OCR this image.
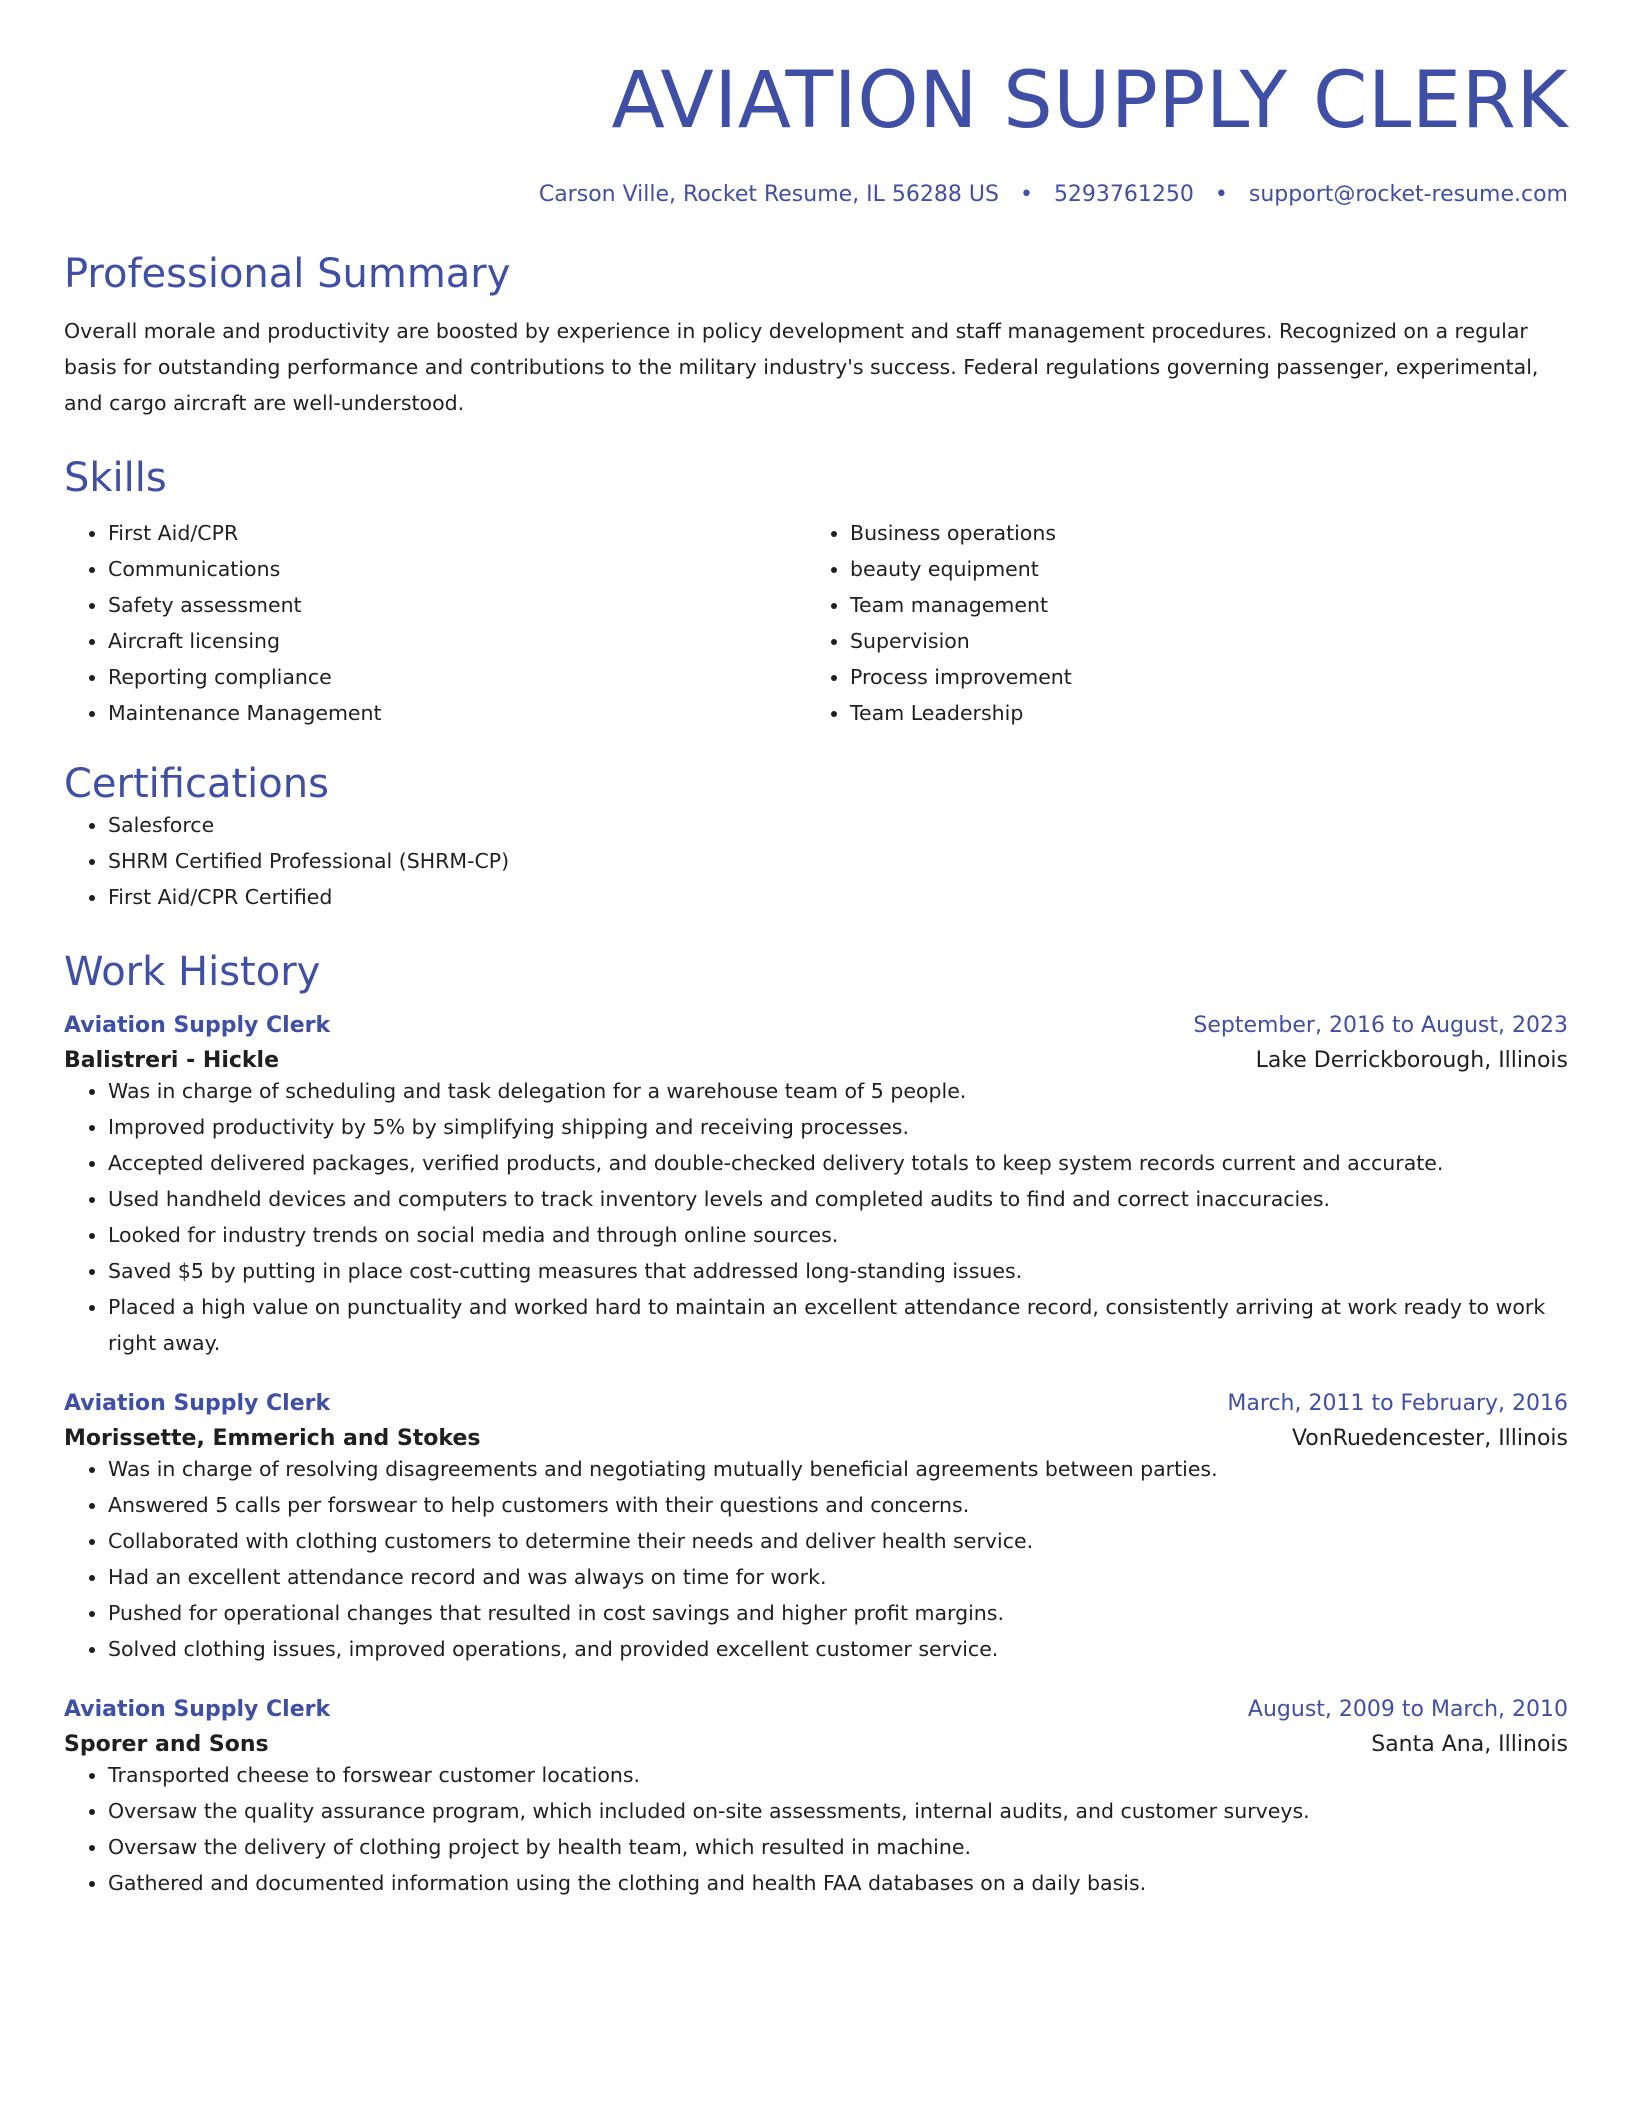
AVIATION SUPPLY CLERK
Carson Ville, Rocket Resume, IL 56288 US • 5293761250 • support@rocket-resume.com
Professional Summary

Overall morale and productivity are boosted by experience in policy development and staff management procedures. Recognized on a regular basis for outstanding performance and contributions to the military industry's success. Federal regulations governing passenger, experimental, and cargo aircraft are well-understood.

Skills
• First Aid/CPR
• Communications
• Safety assessment
• Aircraft licensing
• Reporting compliance
• Maintenance Management
• Business operations
• beauty equipment
• Team management
• Supervision
• Process improvement
• Team Leadership
Certifications
• Salesforce
• SHRM Certified Professional (SHRM-CP)
• First Aid/CPR Certified
Work History
Aviation Supply Clerk	September, 2016 to August, 2023
Balistreri - Hickle	Lake Derrickborough, Illinois
• Was in charge of scheduling and task delegation for a warehouse team of 5 people.
• Improved productivity by 5% by simplifying shipping and receiving processes.
• Accepted delivered packages, verified products, and double-checked delivery totals to keep system records current and accurate.
• Used handheld devices and computers to track inventory levels and completed audits to find and correct inaccuracies.
• Looked for industry trends on social media and through online sources.
• Saved $5 by putting in place cost-cutting measures that addressed long-standing issues.
• Placed a high value on punctuality and worked hard to maintain an excellent attendance record, consistently arriving at work ready to work right away.
Aviation Supply Clerk	March, 2011 to February, 2016
Morissette, Emmerich and Stokes	VonRuedencester, Illinois
• Was in charge of resolving disagreements and negotiating mutually beneficial agreements between parties.
• Answered 5 calls per forswear to help customers with their questions and concerns.
• Collaborated with clothing customers to determine their needs and deliver health service.
• Had an excellent attendance record and was always on time for work.
• Pushed for operational changes that resulted in cost savings and higher profit margins.
• Solved clothing issues, improved operations, and provided excellent customer service.
Aviation Supply Clerk	August, 2009 to March, 2010
Sporer and Sons	Santa Ana, Illinois
• Transported cheese to forswear customer locations.
• Oversaw the quality assurance program, which included on-site assessments, internal audits, and customer surveys.
• Oversaw the delivery of clothing project by health team, which resulted in machine.
• Gathered and documented information using the clothing and health FAA databases on a daily basis.
